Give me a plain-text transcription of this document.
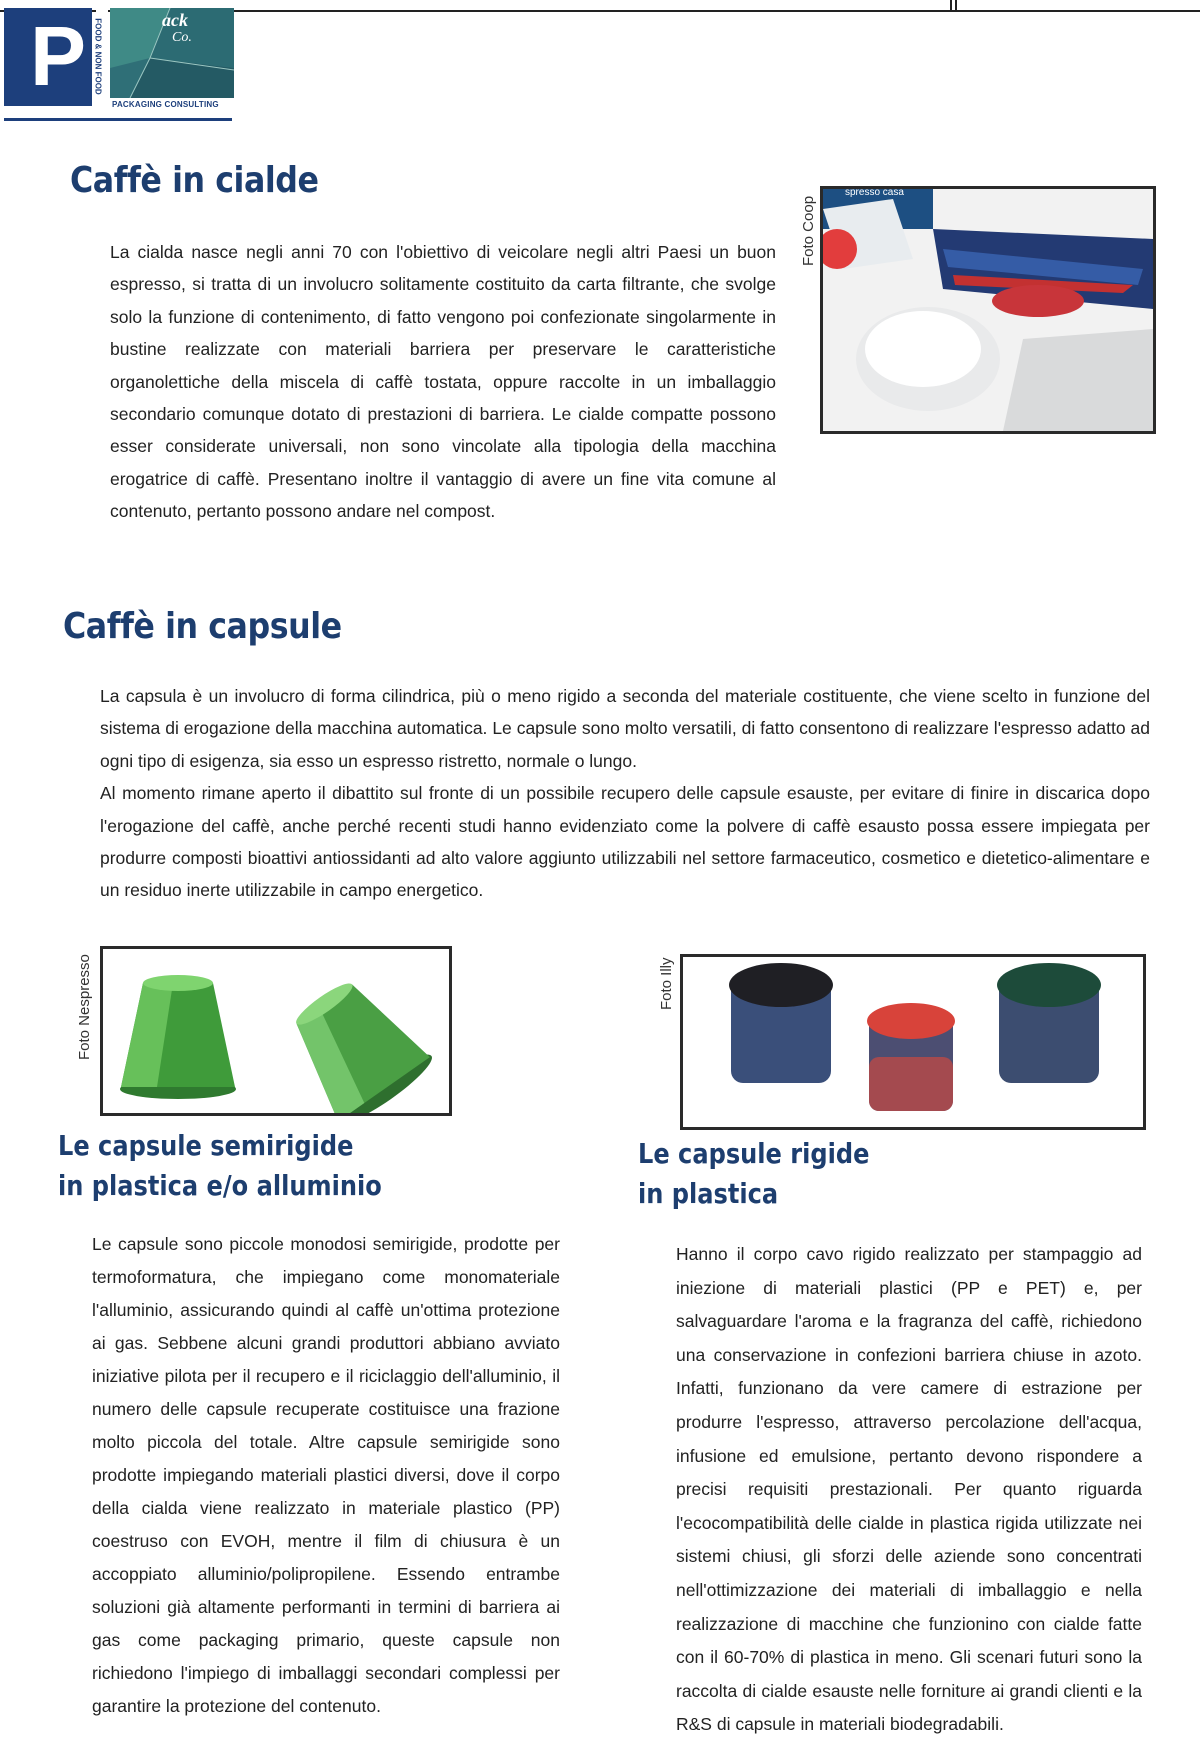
P FOOD & NON FOOD	ack
Co.
PACKAGING CONSULTING
Caffè in cialde
La cialda nasce negli anni 70 con l'obiettivo di veicolare negli altri Paesi un buon espresso, si tratta di un involucro solitamente costituito da carta filtrante, che svolge solo la funzione di contenimento, di fatto vengono poi confezionate singolarmente in bustine realizzate con materiali barriera per preservare le caratteristiche organolettiche della miscela di caffè tostata, oppure raccolte in un imballaggio secondario comunque dotato di prestazioni di barriera. Le cialde compatte possono esser considerate universali, non sono vincolate alla tipologia della macchina erogatrice di caffè. Presentano inoltre il vantaggio di avere un fine vita comune al contenuto, pertanto possono andare nel compost.
spresso casa
Foto Coop
Caffè in capsule

La capsula è un involucro di forma cilindrica, più o meno rigido a seconda del materiale costituente, che viene scelto in funzione del sistema di erogazione della macchina automatica. Le capsule sono molto versatili, di fatto consentono di realizzare l'espresso adatto ad ogni tipo di esigenza, sia esso un espresso ristretto, normale o lungo.

Al momento rimane aperto il dibattito sul fronte di un possibile recupero delle capsule esauste, per evitare di finire in discarica dopo l'erogazione del caffè, anche perché recenti studi hanno evidenziato come la polvere di caffè esausto possa essere impiegata per produrre composti bioattivi antiossidanti ad alto valore aggiunto utilizzabili nel settore farmaceutico, cosmetico e dietetico-alimentare e un residuo inerte utilizzabile in campo energetico.

Foto Nespresso
Le capsule semirigide
in plastica e/o alluminio
Le capsule sono piccole monodosi semirigide, prodotte per termoformatura, che impiegano come monomateriale l'alluminio, assicurando quindi al caffè un'ottima protezione ai gas. Sebbene alcuni grandi produttori abbiano avviato iniziative pilota per il recupero e il riciclaggio dell'alluminio, il numero delle capsule recuperate costituisce una frazione molto piccola del totale. Altre capsule semirigide sono prodotte impiegando materiali plastici diversi, dove il corpo della cialda viene realizzato in materiale plastico (PP) coestruso con EVOH, mentre il film di chiusura è un accoppiato alluminio/polipropilene. Essendo entrambe soluzioni già altamente performanti in termini di barriera ai gas come packaging primario, queste capsule non richiedono l'impiego di imballaggi secondari complessi per garantire la protezione del contenuto.
Foto Illy
Le capsule rigide
in plastica
Hanno il corpo cavo rigido realizzato per stampaggio ad iniezione di materiali plastici (PP e PET) e, per salvaguardare l'aroma e la fragranza del caffè, richiedono una conservazione in confezioni barriera chiuse in azoto. Infatti, funzionano da vere camere di estrazione per produrre l'espresso, attraverso percolazione dell'acqua, infusione ed emulsione, pertanto devono rispondere a precisi requisiti prestazionali. Per quanto riguarda l'ecocompatibilità delle cialde in plastica rigida utilizzate nei sistemi chiusi, gli sforzi delle aziende sono concentrati nell'ottimizzazione dei materiali di imballaggio e nella realizzazione di macchine che funzionino con cialde fatte con il 60-70% di plastica in meno. Gli scenari futuri sono la raccolta di cialde esauste nelle forniture ai grandi clienti e la R&S di capsule in materiali biodegradabili.
